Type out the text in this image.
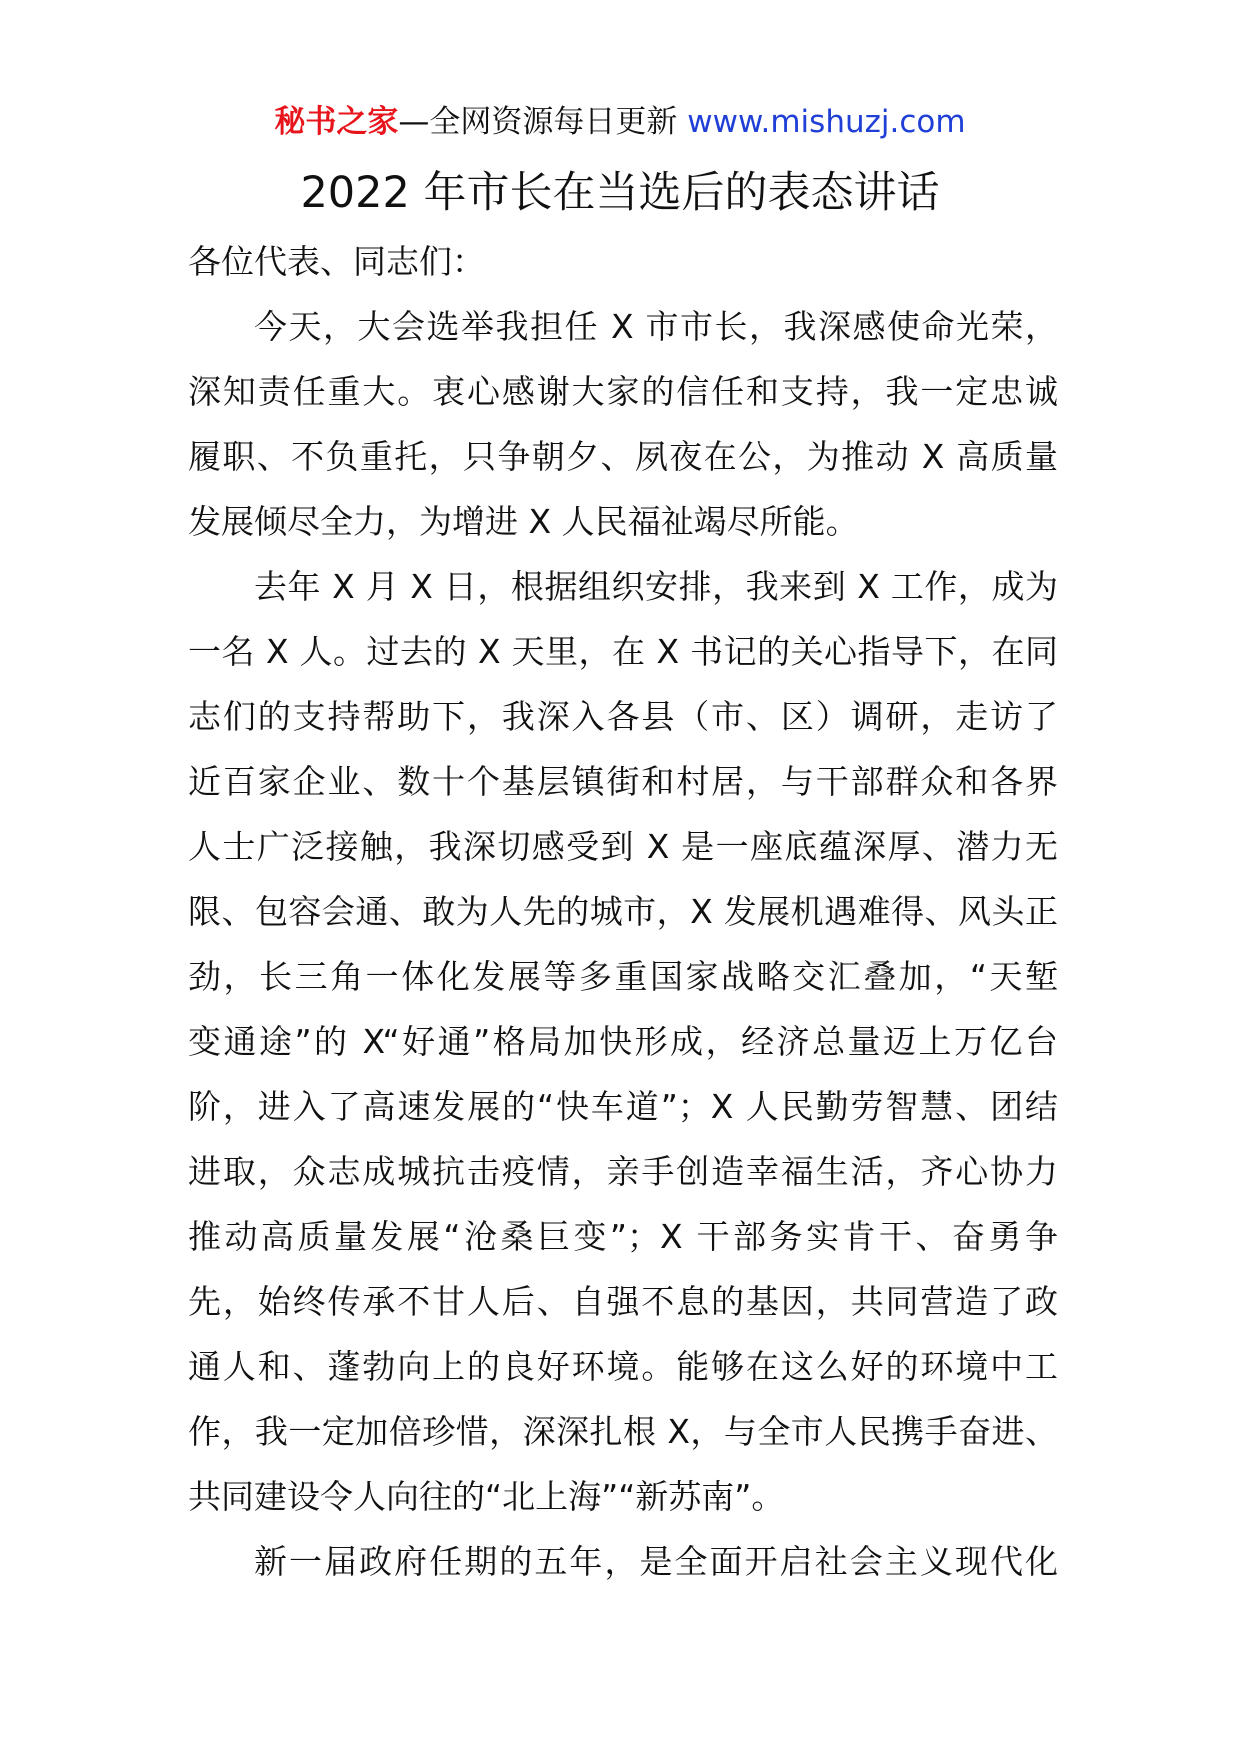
秘书之家—全网资源每日更新 www.mishuzj.com
2022 年市长在当选后的表态讲话
各位代表、同志们：
今天，大会选举我担任 X 市市长，我深感使命光荣，
深知责任重大。衷心感谢大家的信任和支持，我一定忠诚
履职、不负重托，只争朝夕、夙夜在公，为推动 X 高质量
发展倾尽全力，为增进 X 人民福祉竭尽所能。
去年 X 月 X 日，根据组织安排，我来到 X 工作，成为
一名 X 人。过去的 X 天里，在 X 书记的关心指导下，在同
志们的支持帮助下，我深入各县（市、区）调研，走访了
近百家企业、数十个基层镇街和村居，与干部群众和各界
人士广泛接触，我深切感受到 X 是一座底蕴深厚、潜力无
限、包容会通、敢为人先的城市，X 发展机遇难得、风头正
劲，长三角一体化发展等多重国家战略交汇叠加，“天堑
变通途”的 X“好通”格局加快形成，经济总量迈上万亿台
阶，进入了高速发展的“快车道”；X 人民勤劳智慧、团结
进取，众志成城抗击疫情，亲手创造幸福生活，齐心协力
推动高质量发展“沧桑巨变”；X 干部务实肯干、奋勇争
先，始终传承不甘人后、自强不息的基因，共同营造了政
通人和、蓬勃向上的良好环境。能够在这么好的环境中工
作，我一定加倍珍惜，深深扎根 X，与全市人民携手奋进、
共同建设令人向往的“北上海”“新苏南”。
新一届政府任期的五年，是全面开启社会主义现代化
